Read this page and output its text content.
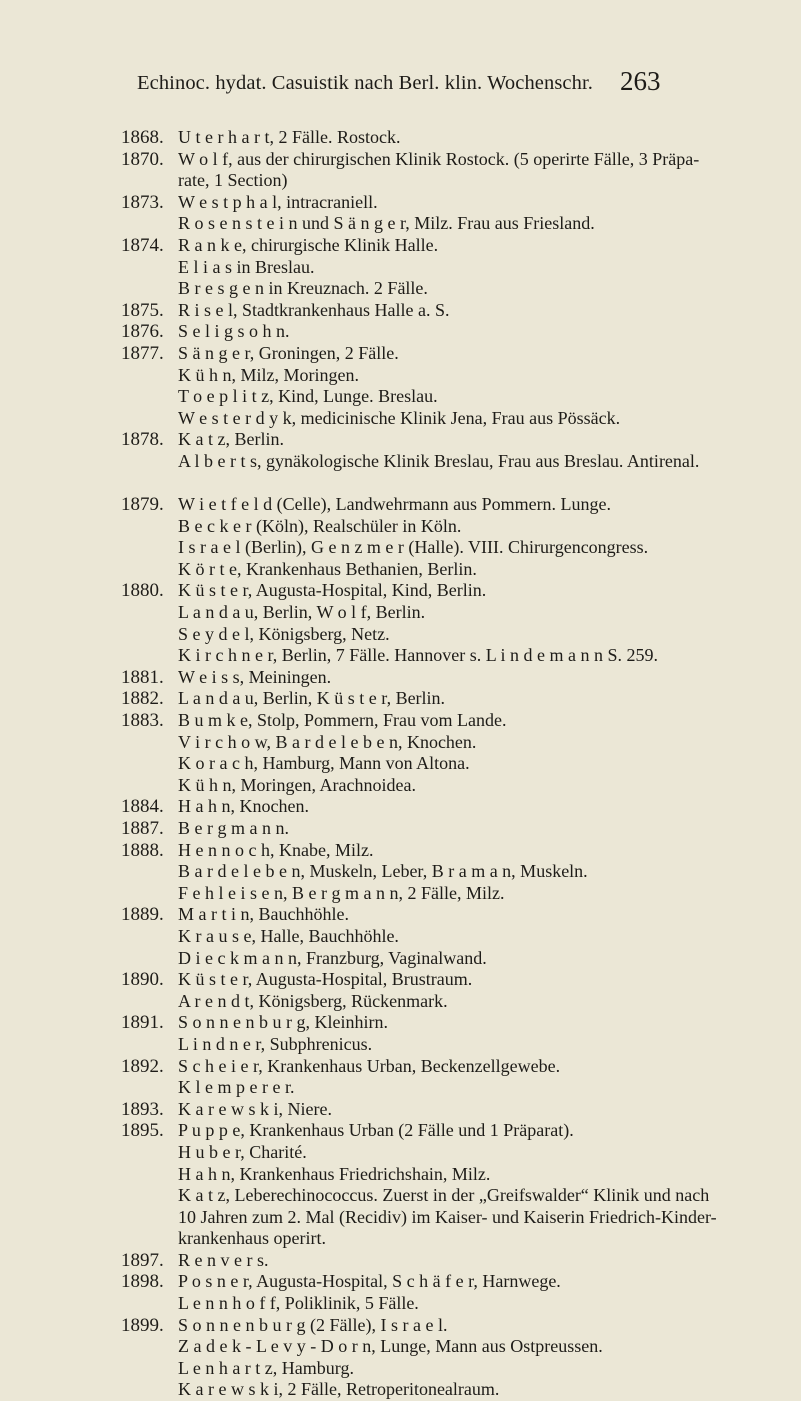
Echinoc. hydat. Casuistik nach Berl. klin. Wochenschr.	263
1868. U t e r h a r t, 2 Fälle. Rostock.
1870. W o l f, aus der chirurgischen Klinik Rostock. (5 operirte Fälle, 3 Präpa-
rate, 1 Section)
1873. W e s t p h a l, intracraniell.
R o s e n s t e i n und S ä n g e r, Milz. Frau aus Friesland.
1874. R a n k e, chirurgische Klinik Halle.
E l i a s in Breslau.
B r e s g e n in Kreuznach. 2 Fälle.
1875. R i s e l, Stadtkrankenhaus Halle a. S.
1876. S e l i g s o h n.
1877. S ä n g e r, Groningen, 2 Fälle.
K ü h n, Milz, Moringen.
T o e p l i t z, Kind, Lunge. Breslau.
W e s t e r d y k, medicinische Klinik Jena, Frau aus Pössäck.
1878. K a t z, Berlin.
A l b e r t s, gynäkologische Klinik Breslau, Frau aus Breslau. Antirenal.

1879. W i e t f e l d (Celle), Landwehrmann aus Pommern. Lunge.
B e c k e r (Köln), Realschüler in Köln.
I s r a e l (Berlin), G e n z m e r (Halle). VIII. Chirurgencongress.
K ö r t e, Krankenhaus Bethanien, Berlin.
1880. K ü s t e r, Augusta-Hospital, Kind, Berlin.
L a n d a u, Berlin, W o l f, Berlin.
S e y d e l, Königsberg, Netz.
K i r c h n e r, Berlin, 7 Fälle. Hannover s. L i n d e m a n n S. 259.
1881. W e i s s, Meiningen.
1882. L a n d a u, Berlin, K ü s t e r, Berlin.
1883. B u m k e, Stolp, Pommern, Frau vom Lande.
V i r c h o w, B a r d e l e b e n, Knochen.
K o r a c h, Hamburg, Mann von Altona.
K ü h n, Moringen, Arachnoidea.
1884. H a h n, Knochen.
1887. B e r g m a n n.
1888. H e n n o c h, Knabe, Milz.
B a r d e l e b e n, Muskeln, Leber, B r a m a n, Muskeln.
F e h l e i s e n, B e r g m a n n, 2 Fälle, Milz.
1889. M a r t i n, Bauchhöhle.
K r a u s e, Halle, Bauchhöhle.
D i e c k m a n n, Franzburg, Vaginalwand.
1890. K ü s t e r, Augusta-Hospital, Brustraum.
A r e n d t, Königsberg, Rückenmark.
1891. S o n n e n b u r g, Kleinhirn.
L i n d n e r, Subphrenicus.
1892. S c h e i e r, Krankenhaus Urban, Beckenzellgewebe.
K l e m p e r e r.
1893. K a r e w s k i, Niere.
1895. P u p p e, Krankenhaus Urban (2 Fälle und 1 Präparat).
H u b e r, Charité.
H a h n, Krankenhaus Friedrichshain, Milz.
K a t z, Leberechinococcus. Zuerst in der „Greifswalder“ Klinik und nach
10 Jahren zum 2. Mal (Recidiv) im Kaiser- und Kaiserin Friedrich-Kinder-
krankenhaus operirt.
1897. R e n v e r s.
1898. P o s n e r, Augusta-Hospital, S c h ä f e r, Harnwege.
L e n n h o f f, Poliklinik, 5 Fälle.
1899. S o n n e n b u r g (2 Fälle), I s r a e l.
Z a d e k - L e v y - D o r n, Lunge, Mann aus Ostpreussen.
L e n h a r t z, Hamburg.
K a r e w s k i, 2 Fälle, Retroperitonealraum.
